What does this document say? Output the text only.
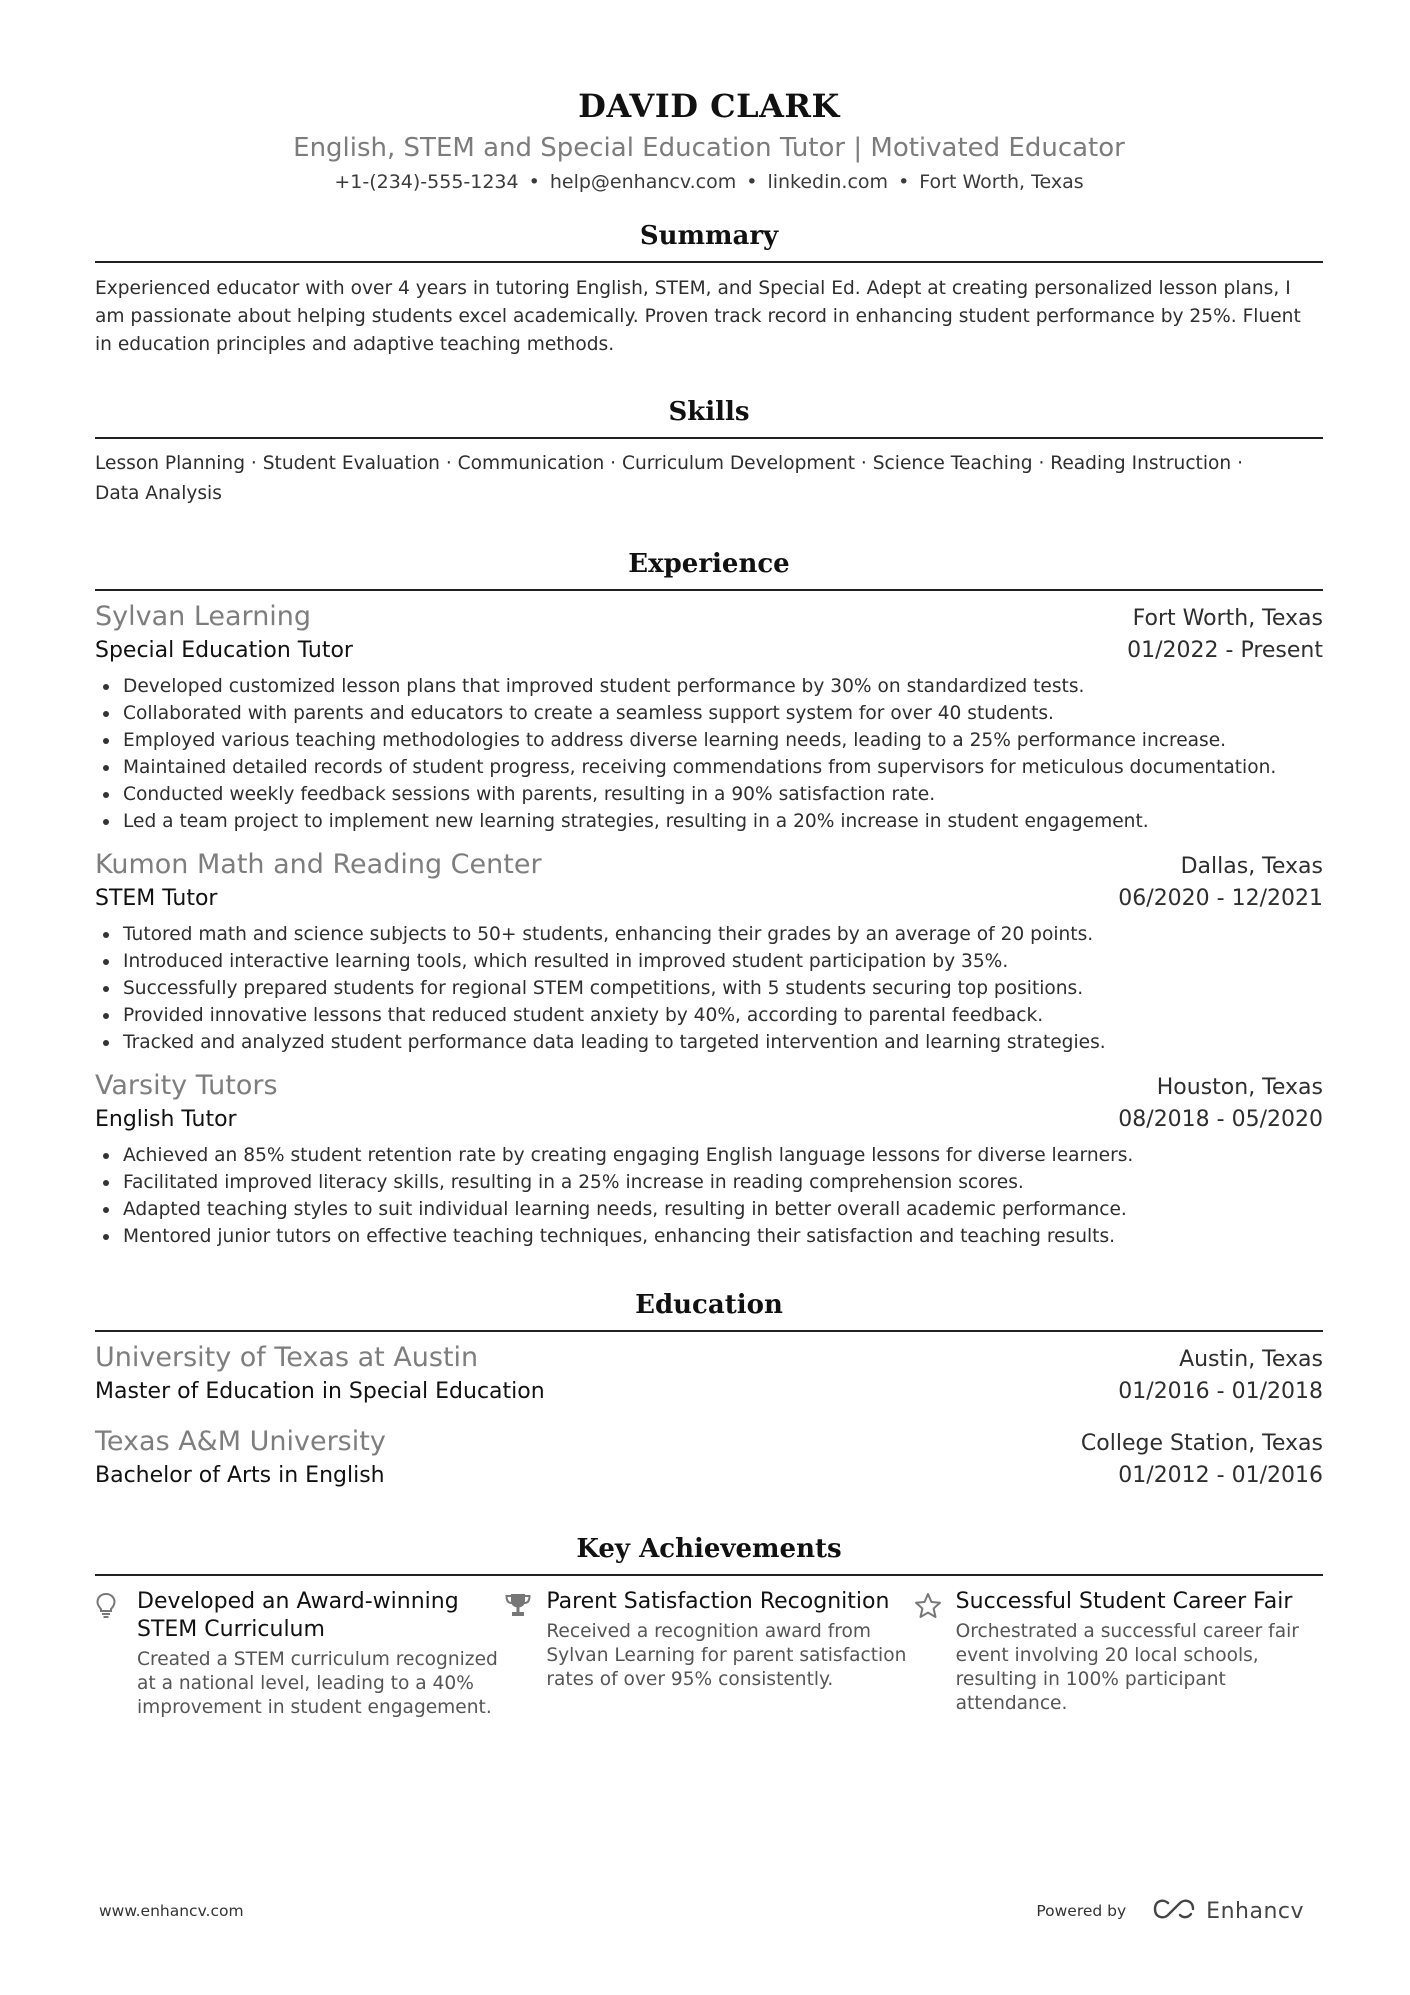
DAVID CLARK
English, STEM and Special Education Tutor | Motivated Educator
+1-(234)-555-1234 • help@enhancv.com • linkedin.com • Fort Worth, Texas
Summary
Experienced educator with over 4 years in tutoring English, STEM, and Special Ed. Adept at creating personalized lesson plans, I am passionate about helping students excel academically. Proven track record in enhancing student performance by 25%. Fluent in education principles and adaptive teaching methods.
Skills
Lesson Planning · Student Evaluation · Communication · Curriculum Development · Science Teaching · Reading Instruction ·
Data Analysis
Experience
Sylvan Learning	Fort Worth, Texas
Special Education Tutor	01/2022 - Present
Developed customized lesson plans that improved student performance by 30% on standardized tests.
Collaborated with parents and educators to create a seamless support system for over 40 students.
Employed various teaching methodologies to address diverse learning needs, leading to a 25% performance increase.
Maintained detailed records of student progress, receiving commendations from supervisors for meticulous documentation.
Conducted weekly feedback sessions with parents, resulting in a 90% satisfaction rate.
Led a team project to implement new learning strategies, resulting in a 20% increase in student engagement.
Kumon Math and Reading Center	Dallas, Texas
STEM Tutor	06/2020 - 12/2021
Tutored math and science subjects to 50+ students, enhancing their grades by an average of 20 points.
Introduced interactive learning tools, which resulted in improved student participation by 35%.
Successfully prepared students for regional STEM competitions, with 5 students securing top positions.
Provided innovative lessons that reduced student anxiety by 40%, according to parental feedback.
Tracked and analyzed student performance data leading to targeted intervention and learning strategies.
Varsity Tutors	Houston, Texas
English Tutor	08/2018 - 05/2020
Achieved an 85% student retention rate by creating engaging English language lessons for diverse learners.
Facilitated improved literacy skills, resulting in a 25% increase in reading comprehension scores.
Adapted teaching styles to suit individual learning needs, resulting in better overall academic performance.
Mentored junior tutors on effective teaching techniques, enhancing their satisfaction and teaching results.
Education
University of Texas at Austin	Austin, Texas
Master of Education in Special Education	01/2016 - 01/2018
Texas A&M University	College Station, Texas
Bachelor of Arts in English	01/2012 - 01/2016
Key Achievements
Developed an Award-winning STEM Curriculum
Created a STEM curriculum recognized at a national level, leading to a 40% improvement in student engagement.
Parent Satisfaction Recognition
Received a recognition award from Sylvan Learning for parent satisfaction rates of over 95% consistently.
Successful Student Career Fair
Orchestrated a successful career fair event involving 20 local schools, resulting in 100% participant attendance.
www.enhancv.com	Powered by	Enhancv
